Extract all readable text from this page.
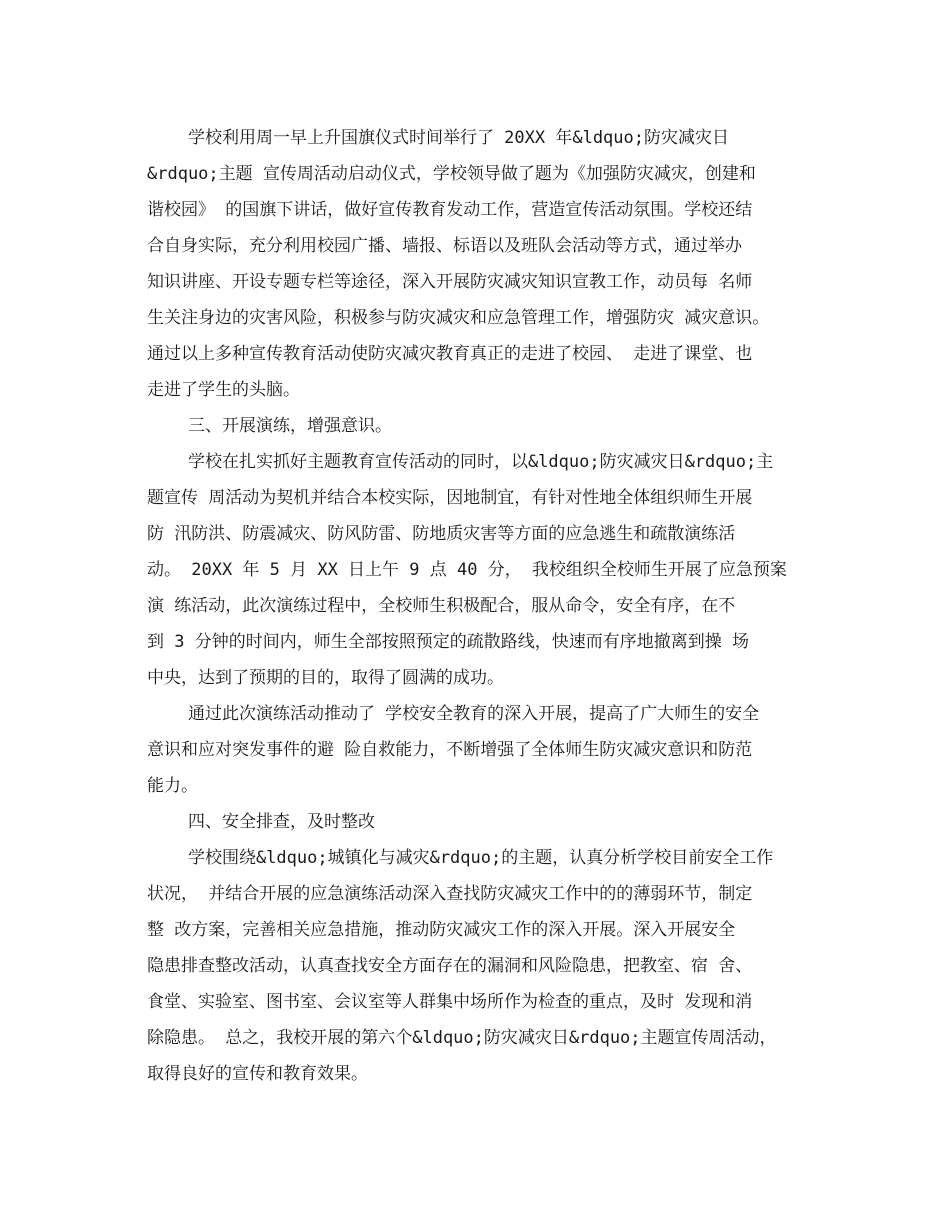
学校利用周一早上升国旗仪式时间举行了 20XX 年&ldquo;防灾减灾日
&rdquo;主题 宣传周活动启动仪式，学校领导做了题为《加强防灾减灾，创建和
谐校园》 的国旗下讲话，做好宣传教育发动工作，营造宣传活动氛围。学校还结
合自身实际，充分利用校园广播、墙报、标语以及班队会活动等方式，通过举办
知识讲座、开设专题专栏等途径，深入开展防灾减灾知识宣教工作，动员每 名师
生关注身边的灾害风险，积极参与防灾减灾和应急管理工作，增强防灾 减灾意识。
通过以上多种宣传教育活动使防灾减灾教育真正的走进了校园、 走进了课堂、也
走进了学生的头脑。
三、开展演练，增强意识。
学校在扎实抓好主题教育宣传活动的同时，以&ldquo;防灾减灾日&rdquo;主
题宣传 周活动为契机并结合本校实际，因地制宜，有针对性地全体组织师生开展
防 汛防洪、防震减灾、防风防雷、防地质灾害等方面的应急逃生和疏散演练活
动。 20XX 年 5 月 XX 日上午 9 点 40 分， 我校组织全校师生开展了应急预案
演 练活动，此次演练过程中，全校师生积极配合，服从命令，安全有序，在不
到 3 分钟的时间内，师生全部按照预定的疏散路线，快速而有序地撤离到操 场
中央，达到了预期的目的，取得了圆满的成功。
通过此次演练活动推动了 学校安全教育的深入开展，提高了广大师生的安全
意识和应对突发事件的避 险自救能力，不断增强了全体师生防灾减灾意识和防范
能力。
四、安全排查，及时整改
学校围绕&ldquo;城镇化与减灾&rdquo;的主题，认真分析学校目前安全工作
状况， 并结合开展的应急演练活动深入查找防灾减灾工作中的的薄弱环节，制定
整 改方案，完善相关应急措施，推动防灾减灾工作的深入开展。深入开展安全
隐患排查整改活动，认真查找安全方面存在的漏洞和风险隐患，把教室、宿 舍、
食堂、实验室、图书室、会议室等人群集中场所作为检查的重点，及时 发现和消
除隐患。 总之，我校开展的第六个&ldquo;防灾减灾日&rdquo;主题宣传周活动，
取得良好的宣传和教育效果。
